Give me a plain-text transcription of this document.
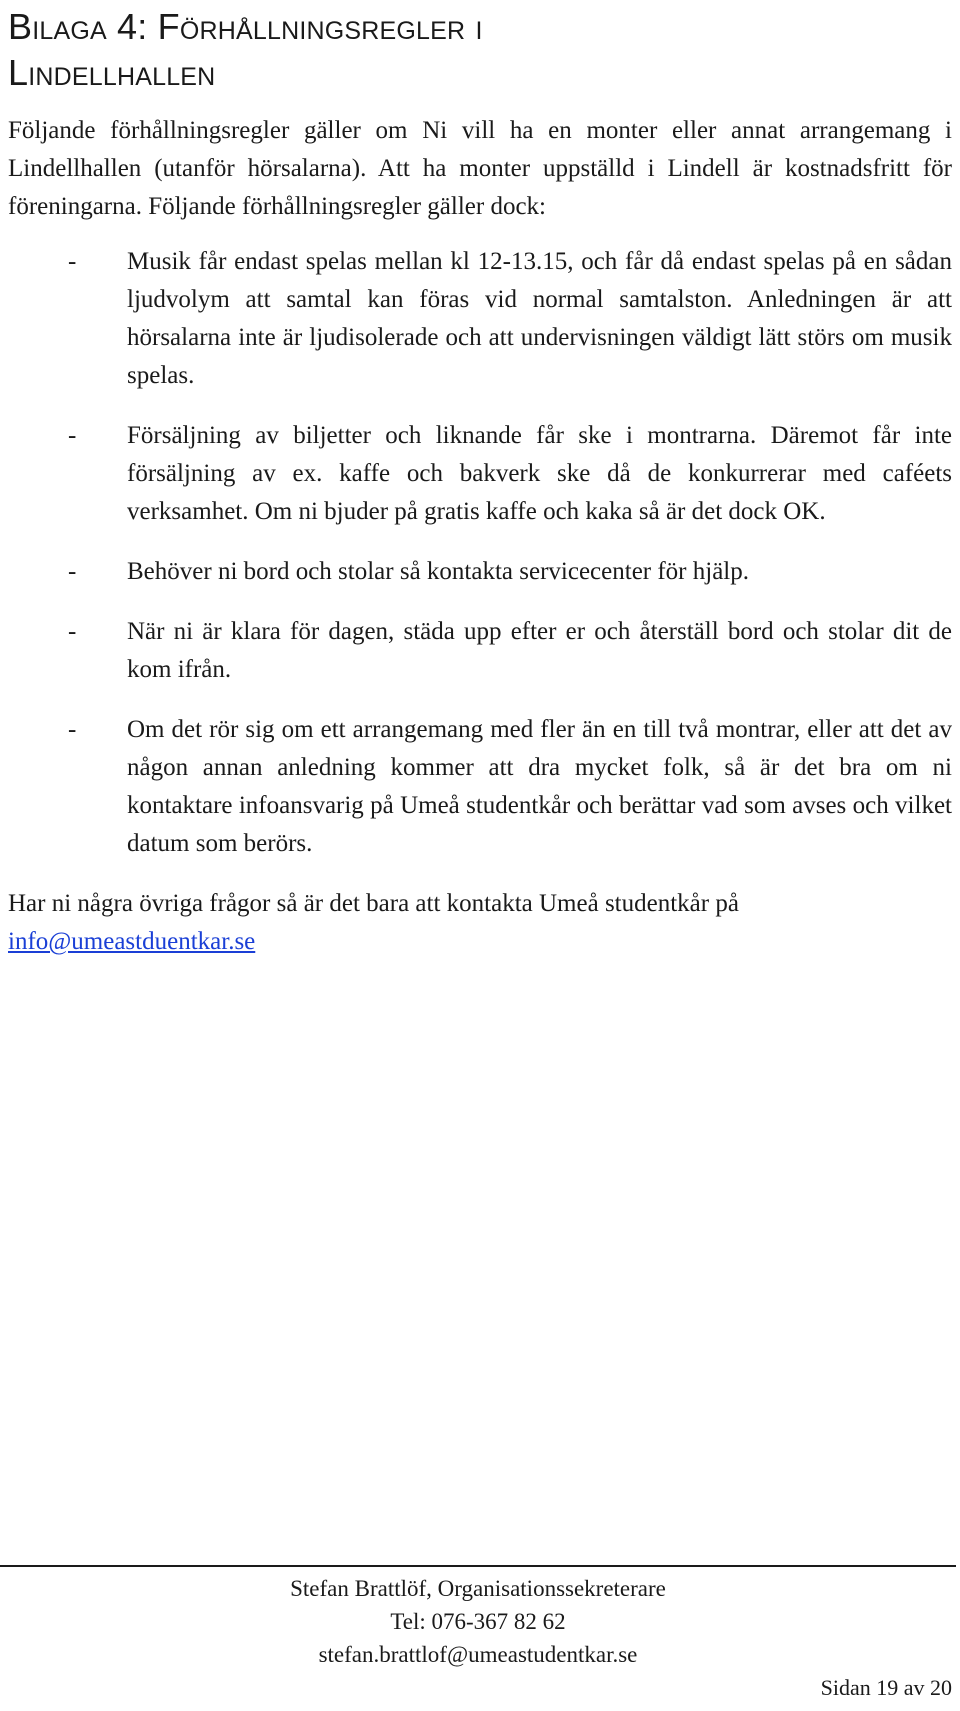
Bilaga 4: Förhållningsregler i
Lindellhallen

Följande förhållningsregler gäller om Ni vill ha en monter eller annat arrangemang i Lindellhallen (utanför hörsalarna). Att ha monter uppställd i Lindell är kostnadsfritt för föreningarna. Följande förhållningsregler gäller dock:

- Musik får endast spelas mellan kl 12-13.15, och får då endast spelas på en sådan ljudvolym att samtal kan föras vid normal samtalston. Anledningen är att hörsalarna inte är ljudisolerade och att undervisningen väldigt lätt störs om musik spelas.
- Försäljning av biljetter och liknande får ske i montrarna. Däremot får inte försäljning av ex. kaffe och bakverk ske då de konkurrerar med caféets verksamhet. Om ni bjuder på gratis kaffe och kaka så är det dock OK.
- Behöver ni bord och stolar så kontakta servicecenter för hjälp.
- När ni är klara för dagen, städa upp efter er och återställ bord och stolar dit de kom ifrån.
- Om det rör sig om ett arrangemang med fler än en till två montrar, eller att det av någon annan anledning kommer att dra mycket folk, så är det bra om ni kontaktare infoansvarig på Umeå studentkår och berättar vad som avses och vilket datum som berörs.

Har ni några övriga frågor så är det bara att kontakta Umeå studentkår på info@umeastduentkar.se

Stefan Brattlöf, Organisationssekreterare
Tel: 076-367 82 62
stefan.brattlof@umeastudentkar.se
Sidan 19 av 20
